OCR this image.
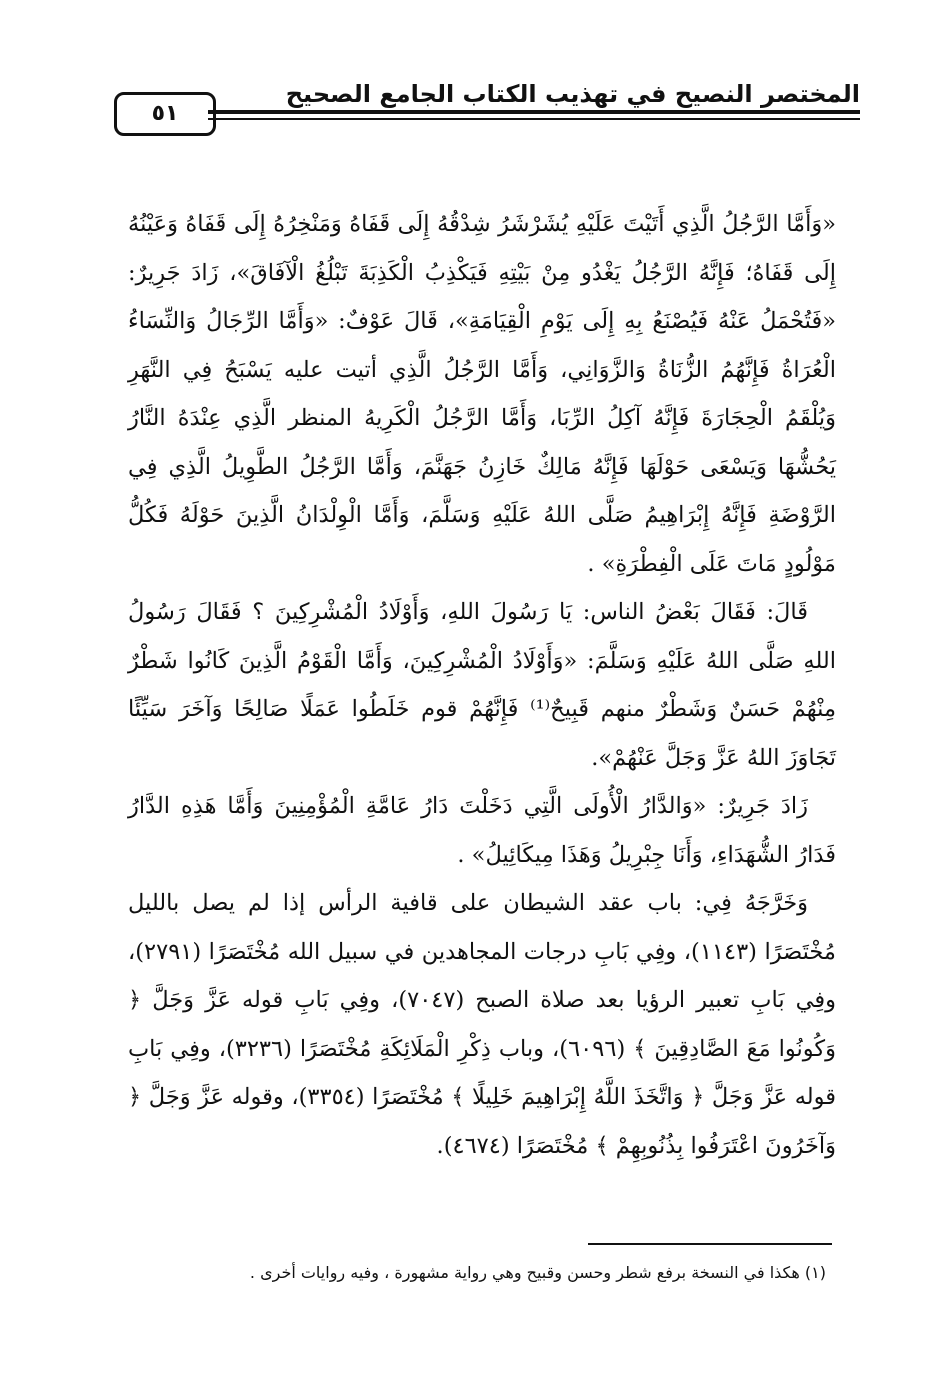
المختصر النصيح في تهذيب الكتاب الجامع الصحيح
٥١

«وَأَمَّا الرَّجُلُ الَّذِي أَتَيْتَ عَلَيْهِ يُشَرْشَرُ شِدْقُهُ إِلَى قَفَاهُ وَمَنْخِرُهُ إِلَى قَفَاهُ وَعَيْنُهُ إِلَى قَفَاهُ؛ فَإِنَّهُ الرَّجُلُ يَغْدُو مِنْ بَيْتِهِ فَيَكْذِبُ الْكَذِبَةَ تَبْلُغُ الْآفَاقَ»، زَادَ جَرِيرٌ: «فَتُحْمَلُ عَنْهُ فَيُصْنَعُ بِهِ إِلَى يَوْمِ الْقِيَامَةِ»، قَالَ عَوْفٌ: «وَأَمَّا الرِّجَالُ وَالنِّسَاءُ الْعُرَاةُ فَإِنَّهُمُ الزُّنَاةُ وَالزَّوَانِي، وَأَمَّا الرَّجُلُ الَّذِي أتيت عليه يَسْبَحُ فِي النَّهَرِ وَيُلْقَمُ الْحِجَارَةَ فَإِنَّهُ آكِلُ الرِّبَا، وَأَمَّا الرَّجُلُ الْكَرِيهُ المنظر الَّذِي عِنْدَهُ النَّارُ يَحُشُّهَا وَيَسْعَى حَوْلَهَا فَإِنَّهُ مَالِكٌ خَازِنُ جَهَنَّمَ، وَأَمَّا الرَّجُلُ الطَّوِيلُ الَّذِي فِي الرَّوْضَةِ فَإِنَّهُ إِبْرَاهِيمُ صَلَّى اللهُ عَلَيْهِ وَسَلَّمَ، وَأَمَّا الْوِلْدَانُ الَّذِينَ حَوْلَهُ فَكُلُّ مَوْلُودٍ مَاتَ عَلَى الْفِطْرَةِ» .

قَالَ: فَقَالَ بَعْضُ الناس: يَا رَسُولَ اللهِ، وَأَوْلَادُ الْمُشْرِكِينَ ؟ فَقَالَ رَسُولُ اللهِ صَلَّى اللهُ عَلَيْهِ وَسَلَّمَ: «وَأَوْلَادُ الْمُشْرِكِينَ، وَأَمَّا الْقَوْمُ الَّذِينَ كَانُوا شَطْرٌ مِنْهُمْ حَسَنٌ وَشَطْرٌ منهم قَبِيحٌ⁽¹⁾ فَإِنَّهُمْ قوم خَلَطُوا عَمَلًا صَالِحًا وَآخَرَ سَيِّئًا تَجَاوَزَ اللهُ عَزَّ وَجَلَّ عَنْهُمْ».

زَادَ جَرِيرٌ: «وَالدَّارُ الْأُولَى الَّتِي دَخَلْتَ دَارُ عَامَّةِ الْمُؤْمِنِينَ وَأَمَّا هَذِهِ الدَّارُ فَدَارُ الشُّهَدَاءِ، وَأَنَا جِبْرِيلُ وَهَذَا مِيكَائِيلُ» .

وَخَرَّجَهُ فِي: باب عقد الشيطان على قافية الرأس إذا لم يصل بالليل مُخْتَصَرًا (١١٤٣)، وفِي بَابِ درجات المجاهدين في سبيل الله مُخْتَصَرًا (٢٧٩١)، وفِي بَابِ تعبير الرؤيا بعد صلاة الصبح (٧٠٤٧)، وفِي بَابِ قوله عَزَّ وَجَلَّ ﴿ وَكُونُوا مَعَ الصَّادِقِينَ ﴾ (٦٠٩٦)، وباب ذِكْرِ الْمَلَائِكَةِ مُخْتَصَرًا (٣٢٣٦)، وفِي بَابِ قوله عَزَّ وَجَلَّ ﴿ وَاتَّخَذَ اللَّهُ إِبْرَاهِيمَ خَلِيلًا ﴾ مُخْتَصَرًا (٣٣٥٤)، وقوله عَزَّ وَجَلَّ ﴿ وَآخَرُونَ اعْتَرَفُوا بِذُنُوبِهِمْ ﴾ مُخْتَصَرًا (٤٦٧٤).

(١) هكذا في النسخة برفع شطر وحسن وقبيح وهي رواية مشهورة ، وفيه روايات أخرى .
